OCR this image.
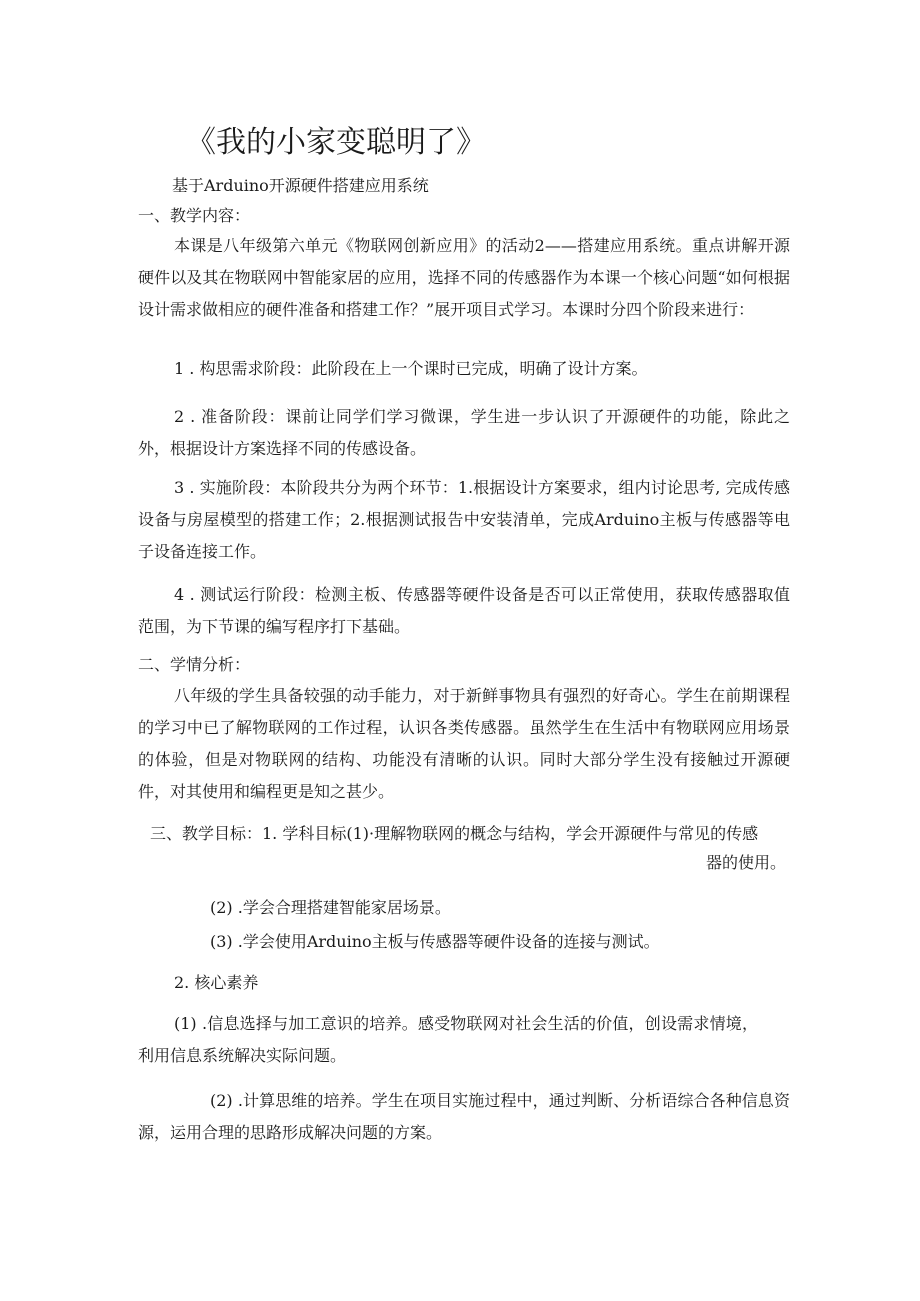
《我的小家变聪明了》

基于Arduino开源硬件搭建应用系统

一、教学内容：

本课是八年级第六单元《物联网创新应用》的活动2——搭建应用系统。重点讲解开源硬件以及其在物联网中智能家居的应用，选择不同的传感器作为本课一个核心问题“如何根据设计需求做相应的硬件准备和搭建工作？”展开项目式学习。本课时分四个阶段来进行：

1 . 构思需求阶段：此阶段在上一个课时已完成，明确了设计方案。

2 . 准备阶段：课前让同学们学习微课，学生进一步认识了开源硬件的功能，除此之外，根据设计方案选择不同的传感设备。

3 . 实施阶段：本阶段共分为两个环节：1.根据设计方案要求，组内讨论思考, 完成传感设备与房屋模型的搭建工作；2.根据测试报告中安装清单，完成Arduino主板与传感器等电子设备连接工作。

4 . 测试运行阶段：检测主板、传感器等硬件设备是否可以正常使用，获取传感器取值范围，为下节课的编写程序打下基础。

二、学情分析：

八年级的学生具备较强的动手能力，对于新鲜事物具有强烈的好奇心。学生在前期课程的学习中已了解物联网的工作过程，认识各类传感器。虽然学生在生活中有物联网应用场景的体验，但是对物联网的结构、功能没有清晰的认识。同时大部分学生没有接触过开源硬件，对其使用和编程更是知之甚少。

三、教学目标：1. 学科目标(1)·理解物联网的概念与结构，学会开源硬件与常见的传感

器的使用。

(2) .学会合理搭建智能家居场景。

(3) .学会使用Arduino主板与传感器等硬件设备的连接与测试。

2. 核心素养

(1) .信息选择与加工意识的培养。感受物联网对社会生活的价值，创设需求情境，利用信息系统解决实际问题。

(2) .计算思维的培养。学生在项目实施过程中，通过判断、分析语综合各种信息资源，运用合理的思路形成解决问题的方案。
